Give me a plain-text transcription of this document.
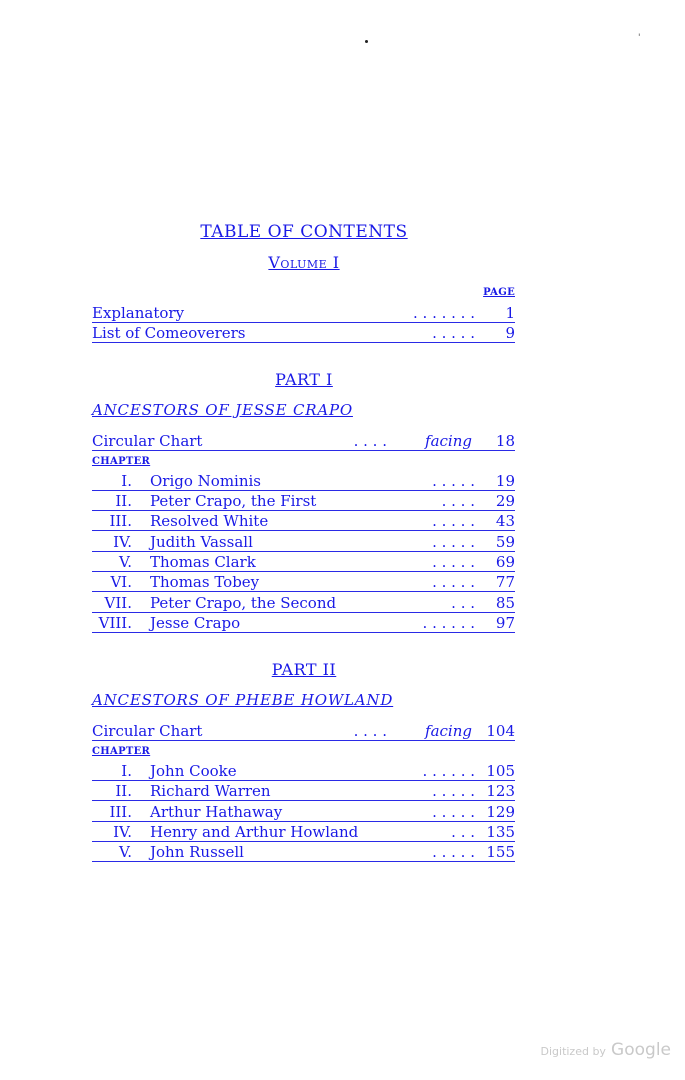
'
TABLE OF CONTENTS
Volume I
PAGE
Explanatory	. . . . . . . 1
List of Comeoverers	. . . . . 9
PART I
ANCESTORS OF JESSE CRAPO
Circular Chart	. . . .	facing 18
CHAPTER
I. Origo Nominis	. . . . . 19
II. Peter Crapo, the First	. . . . 29
III. Resolved White	. . . . . 43
IV. Judith Vassall	. . . . . 59
V. Thomas Clark	. . . . . 69
VI. Thomas Tobey	. . . . . 77
VII. Peter Crapo, the Second	. . . 85
VIII. Jesse Crapo	. . . . . . 97
PART II
ANCESTORS OF PHEBE HOWLAND
Circular Chart	. . . .	facing 104
CHAPTER
I. John Cooke	. . . . . . 105
II. Richard Warren	. . . . . 123
III. Arthur Hathaway	. . . . . 129
IV. Henry and Arthur Howland	. . . 135
V. John Russell	. . . . . 155
Digitized by Google
